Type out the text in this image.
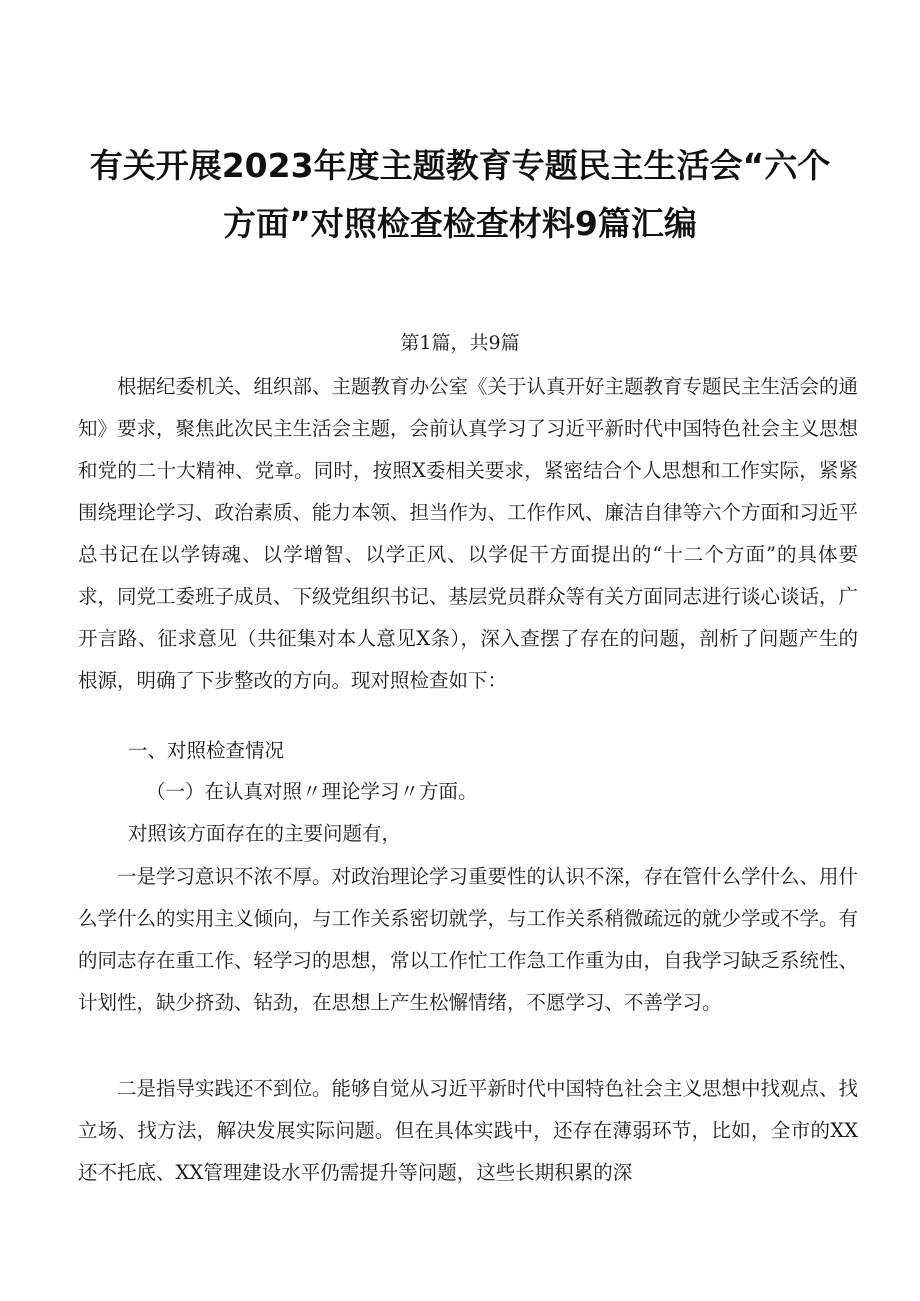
有关开展2023年度主题教育专题民主生活会“六个
方面”对照检查检查材料9篇汇编
第1篇，共9篇

根据纪委机关、组织部、主题教育办公室《关于认真开好主题教育专题民主生活会的通知》要求，聚焦此次民主生活会主题，会前认真学习了习近平新时代中国特色社会主义思想和党的二十大精神、党章。同时，按照X委相关要求，紧密结合个人思想和工作实际，紧紧围绕理论学习、政治素质、能力本领、担当作为、工作作风、廉洁自律等六个方面和习近平总书记在以学铸魂、以学增智、以学正风、以学促干方面提出的“十二个方面”的具体要求，同党工委班子成员、下级党组织书记、基层党员群众等有关方面同志进行谈心谈话，广开言路、征求意见（共征集对本人意见X条），深入查摆了存在的问题，剖析了问题产生的根源，明确了下步整改的方向。现对照检查如下：

一、对照检查情况
（一）在认真对照〃理论学习〃方面。
对照该方面存在的主要问题有，

一是学习意识不浓不厚。对政治理论学习重要性的认识不深，存在管什么学什么、用什么学什么的实用主义倾向，与工作关系密切就学，与工作关系稍微疏远的就少学或不学。有的同志存在重工作、轻学习的思想，常以工作忙工作急工作重为由，自我学习缺乏系统性、计划性，缺少挤劲、钻劲，在思想上产生松懈情绪，不愿学习、不善学习。

二是指导实践还不到位。能够自觉从习近平新时代中国特色社会主义思想中找观点、找立场、找方法，解决发展实际问题。但在具体实践中，还存在薄弱环节，比如，全市的XX还不托底、XX管理建设水平仍需提升等问题，这些长期积累的深
